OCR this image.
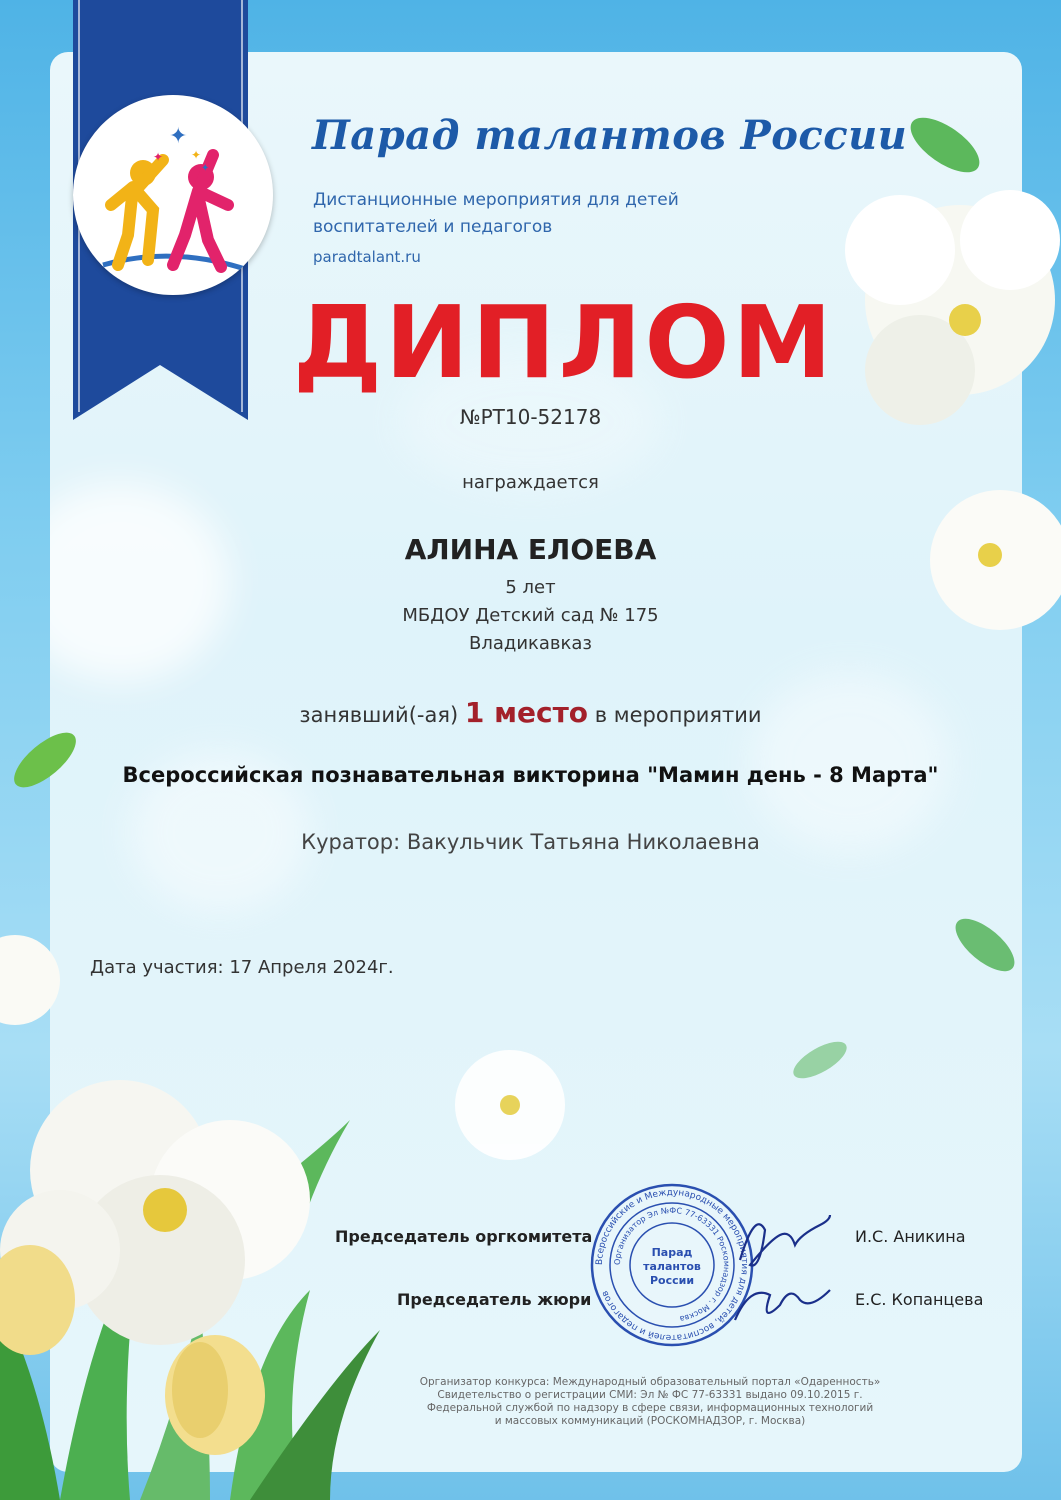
✦
✦ ✦
✦
Парад талантов России
Дистанционные мероприятия для детей
воспитателей и педагогов
paradtalant.ru
ДИПЛОМ
№РТ10-52178
награждается
АЛИНА ЕЛОЕВА
5 лет
МБДОУ Детский сад № 175
Владикавказ
занявший(-ая) 1 место в мероприятии
Всероссийская познавательная викторина "Мамин день - 8 Марта"
Куратор: Вакульчик Татьяна Николаевна
Дата участия: 17 Апреля 2024г.
Всероссийские и Международные мероприятия для детей, воспитателей и педагогов
Организатор Эл №ФС 77-63331 Роскомнадзор г. Москва
Парад
талантов
России
Председатель оргкомитета	И.С. Аникина
Председатель жюри	Е.С. Копанцева
Организатор конкурса: Международный образовательный портал «Одаренность»
Свидетельство о регистрации СМИ: Эл № ФС 77-63331 выдано 09.10.2015 г.
Федеральной службой по надзору в сфере связи, информационных технологий
и массовых коммуникаций (РОСКОМНАДЗОР, г. Москва)
